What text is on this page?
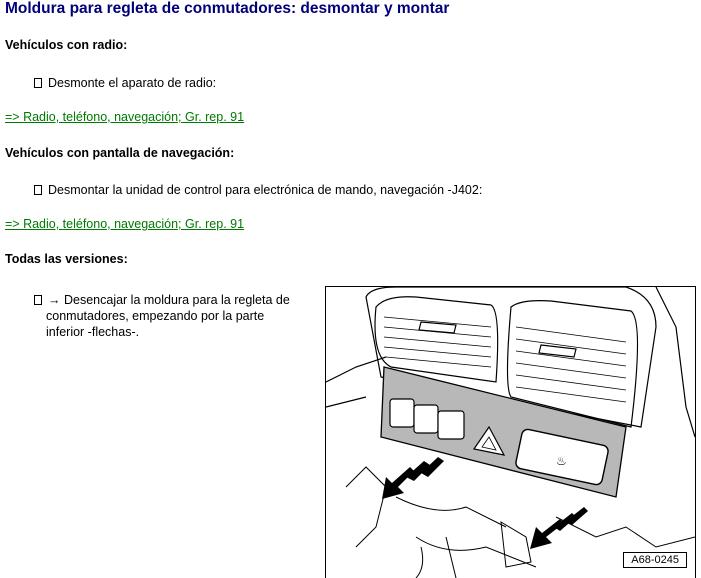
Moldura para regleta de conmutadores: desmontar y montar
Vehículos con radio:
Desmonte el aparato de radio:
=> Radio, teléfono, navegación; Gr. rep. 91
Vehículos con pantalla de navegación:
Desmontar la unidad de control para electrónica de mando, navegación -J402:
=> Radio, teléfono, navegación; Gr. rep. 91
Todas las versiones:
→ Desencajar la moldura para la regleta de
conmutadores, empezando por la parte
inferior -flechas-.
♨
A68-0245
